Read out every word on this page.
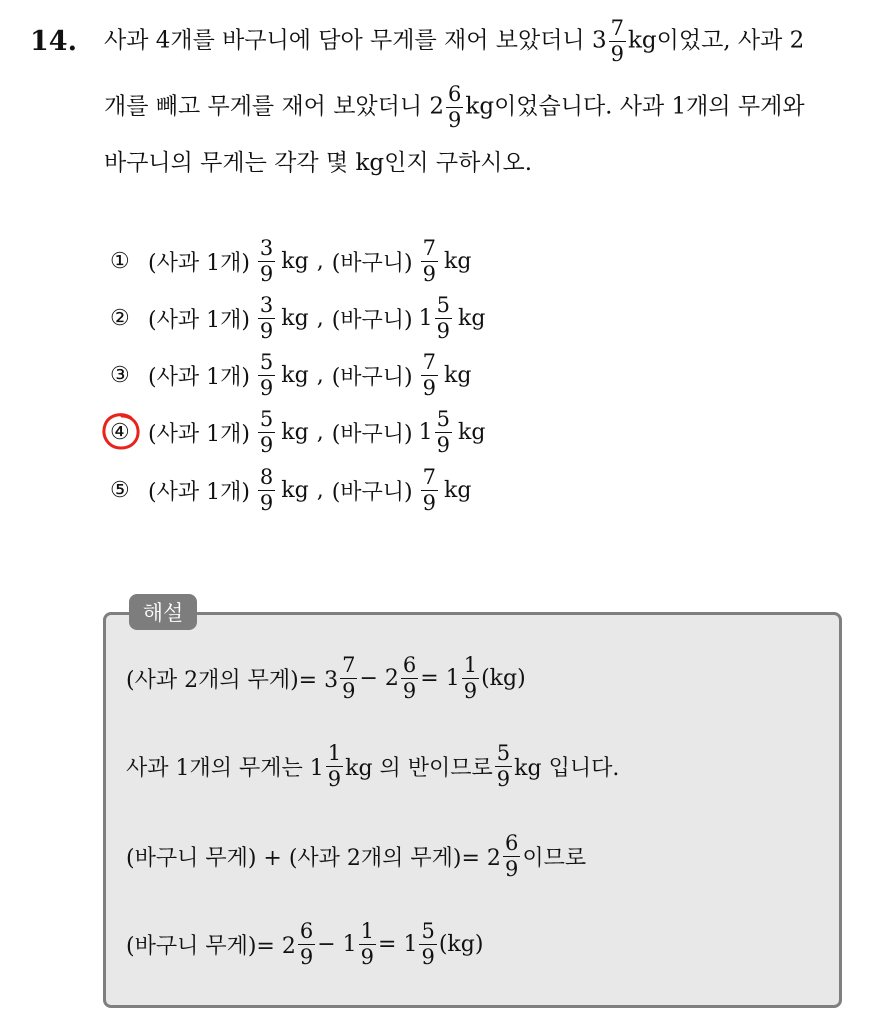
14. 사과 4개를 바구니에 담아 무게를 재어 보았더니 $3 \frac{7}{9}$ kg이었고, 사과 2
개를 빼고 무게를 재어 보았더니 $2 \frac{6}{9}$ kg이었습니다. 사과 1개의 무게와
바구니의 무게는 각각 몇 kg인지 구하시오.
① (사과 1개) $\frac{3}{9}$ kg , (바구니) $\frac{7}{9}$ kg
② (사과 1개) $\frac{3}{9}$ kg , (바구니) $1 \frac{5}{9}$ kg
③ (사과 1개) $\frac{5}{9}$ kg , (바구니) $\frac{7}{9}$ kg
④ (사과 1개) $\frac{5}{9}$ kg , (바구니) $1 \frac{5}{9}$ kg
⑤ (사과 1개) $\frac{8}{9}$ kg , (바구니) $\frac{7}{9}$ kg
해설
(사과 2개의 무게)= $3 \frac{7}{9} - 2 \frac{6}{9} = 1 \frac{1}{9} (kg)$
사과 1개의 무게는 $1 \frac{1}{9}$ kg 의 반이므로 $\frac{5}{9}$ kg 입니다.
(바구니 무게) + (사과 2개의 무게)= $2 \frac{6}{9}$ 이므로
(바구니 무게)= $2 \frac{6}{9} - 1 \frac{1}{9} = 1 \frac{5}{9} (kg)$
